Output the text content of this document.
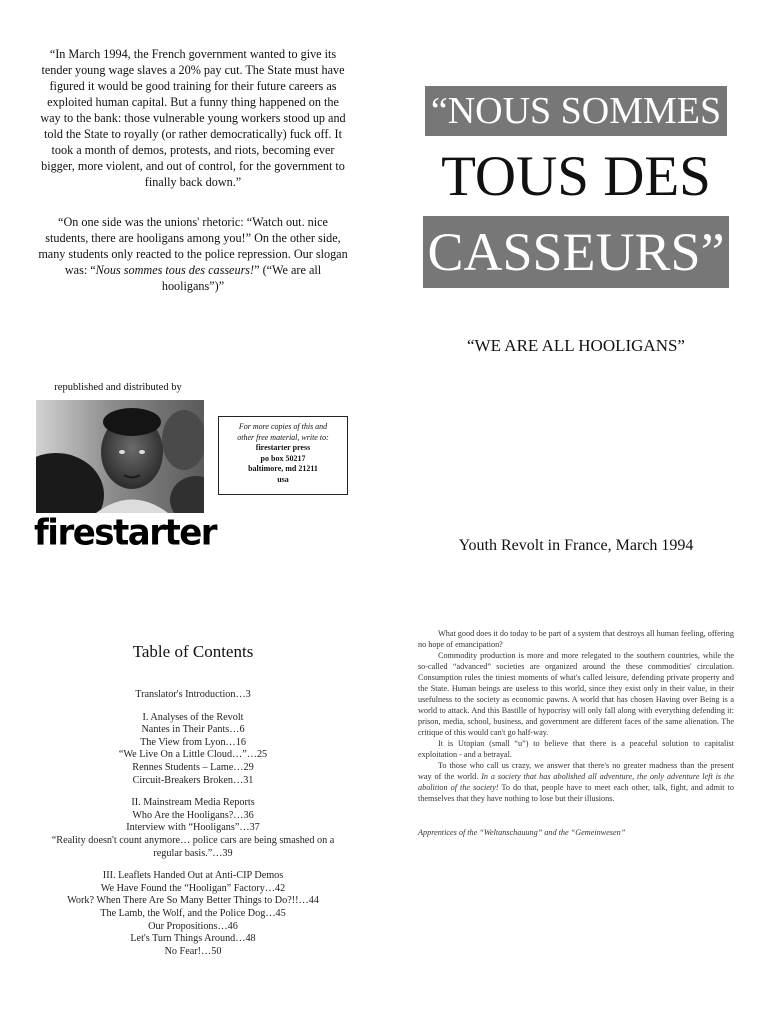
“In March 1994, the French government wanted to give its tender young wage slaves a 20% pay cut. The State must have figured it would be good training for their future careers as exploited human capital. But a funny thing happened on the way to the bank: those vulnerable young workers stood up and told the State to royally (or rather democratically) fuck off. It took a month of demos, protests, and riots, becoming ever bigger, more violent, and out of control, for the government to finally back down.”

“On one side was the unions' rhetoric: “Watch out. nice students, there are hooligans among you!” On the other side, many students only reacted to the police repression. Our slogan was: “Nous sommes tous des casseurs!” (“We are all hooligans”)”

republished and distributed by
firestarter
For more copies of this and
other free material, write to:
firestarter press
po box 50217
baltimore, md 21211
usa
“NOUS SOMMES
TOUS DES
CASSEURS”
“WE ARE ALL HOOLIGANS”
Youth Revolt in France, March 1994
Table of Contents

Translator's Introduction…3

I. Analyses of the Revolt

Nantes in Their Pants…6

The View from Lyon…16

“We Live On a Little Cloud…”…25

Rennes Students – Lame…29

Circuit-Breakers Broken…31

II. Mainstream Media Reports

Who Are the Hooligans?…36

Interview with “Hooligans”…37

“Reality doesn't count anymore… police cars are being smashed on a

regular basis.”…39

III. Leaflets Handed Out at Anti-CIP Demos

We Have Found the “Hooligan” Factory…42

Work? When There Are So Many Better Things to Do?!!…44

The Lamb, the Wolf, and the Police Dog…45

Our Propositions…46

Let's Turn Things Around…48

No Fear!…50

What good does it do today to be part of a system that destroys all human feeling, offering no hope of emancipation?

Commodity production is more and more relegated to the southern countries, while the so-called “advanced” societies are organized around the these commodities' circulation. Consumption rules the tiniest moments of what's called leisure, defending private property and the State. Human beings are useless to this world, since they exist only in their value, in their usefulness to the society as economic pawns. A world that has chosen Having over Being is a world to attack. And this Bastille of hypocrisy will only fall along with everything defending it: prison, media, school, business, and government are different faces of the same alienation. The critique of this would can't go half-way.

It is Utopian (small “u”) to believe that there is a peaceful solution to capitalist exploitation - and a betrayal.

To those who call us crazy, we answer that there's no greater madness than the present way of the world. In a society that has abolished all adventure, the only adventure left is the abolition of the society! To do that, people have to meet each other, talk, fight, and admit to themselves that they have nothing to lose but their illusions.

Apprentices of the “Weltanschauung” and the “Gemeinwesen”
